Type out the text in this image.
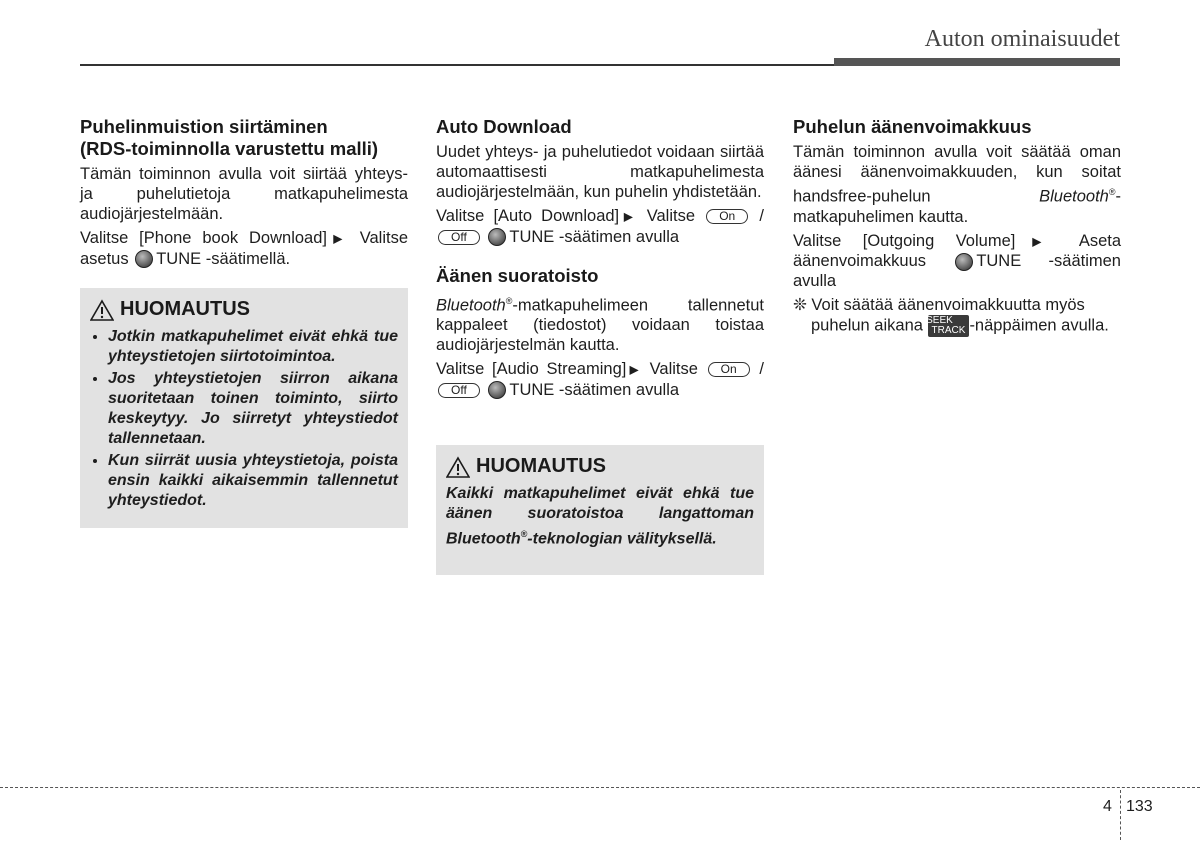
Auton ominaisuudet
Puhelinmuistion siirtäminen
(RDS-toiminnolla varustettu malli)

Tämän toiminnon avulla voit siirtää yhteys- ja puhelutietoja matkapuhelimesta audiojärjestelmään.

Valitse [Phone book Download]▶ Valitse asetus TUNE -säätimellä.

HUOMAUTUS
• Jotkin matkapuhelimet eivät ehkä tue yhteystietojen siirtotoimintoa.
• Jos yhteystietojen siirron aikana suoritetaan toinen toiminto, siirto keskeytyy. Jo siirretyt yhteystiedot tallennetaan.
• Kun siirrät uusia yhteystietoja, poista ensin kaikki aikaisemmin tallennetut yhteystiedot.
Auto Download

Uudet yhteys- ja puhelutiedot voidaan siirtää automaattisesti matkapuhelimesta audiojärjestelmään, kun puhelin yhdistetään.

Valitse [Auto Download]▶ Valitse On / Off	TUNE -säätimen avulla

Äänen suoratoisto

Bluetooth®-matkapuhelimeen tallennetut kappaleet (tiedostot) voidaan toistaa audiojärjestelmän kautta.

Valitse [Audio Streaming]▶ Valitse On / Off	TUNE -säätimen avulla

HUOMAUTUS

Kaikki matkapuhelimet eivät ehkä tue äänen suoratoistoa langattoman Bluetooth®-teknologian välityksellä.

Puhelun äänenvoimakkuus

Tämän toiminnon avulla voit säätää oman äänesi äänenvoimakkuuden, kun soitat handsfree-puhelun	Bluetooth®-matkapuhelimen kautta.

Valitse [Outgoing Volume]▶ Aseta äänenvoimakkuus	TUNE -säätimen avulla

❊ Voit säätää äänenvoimakkuutta myös puhelun aikana SEEK
TRACK -näppäimen avulla.

4 133
